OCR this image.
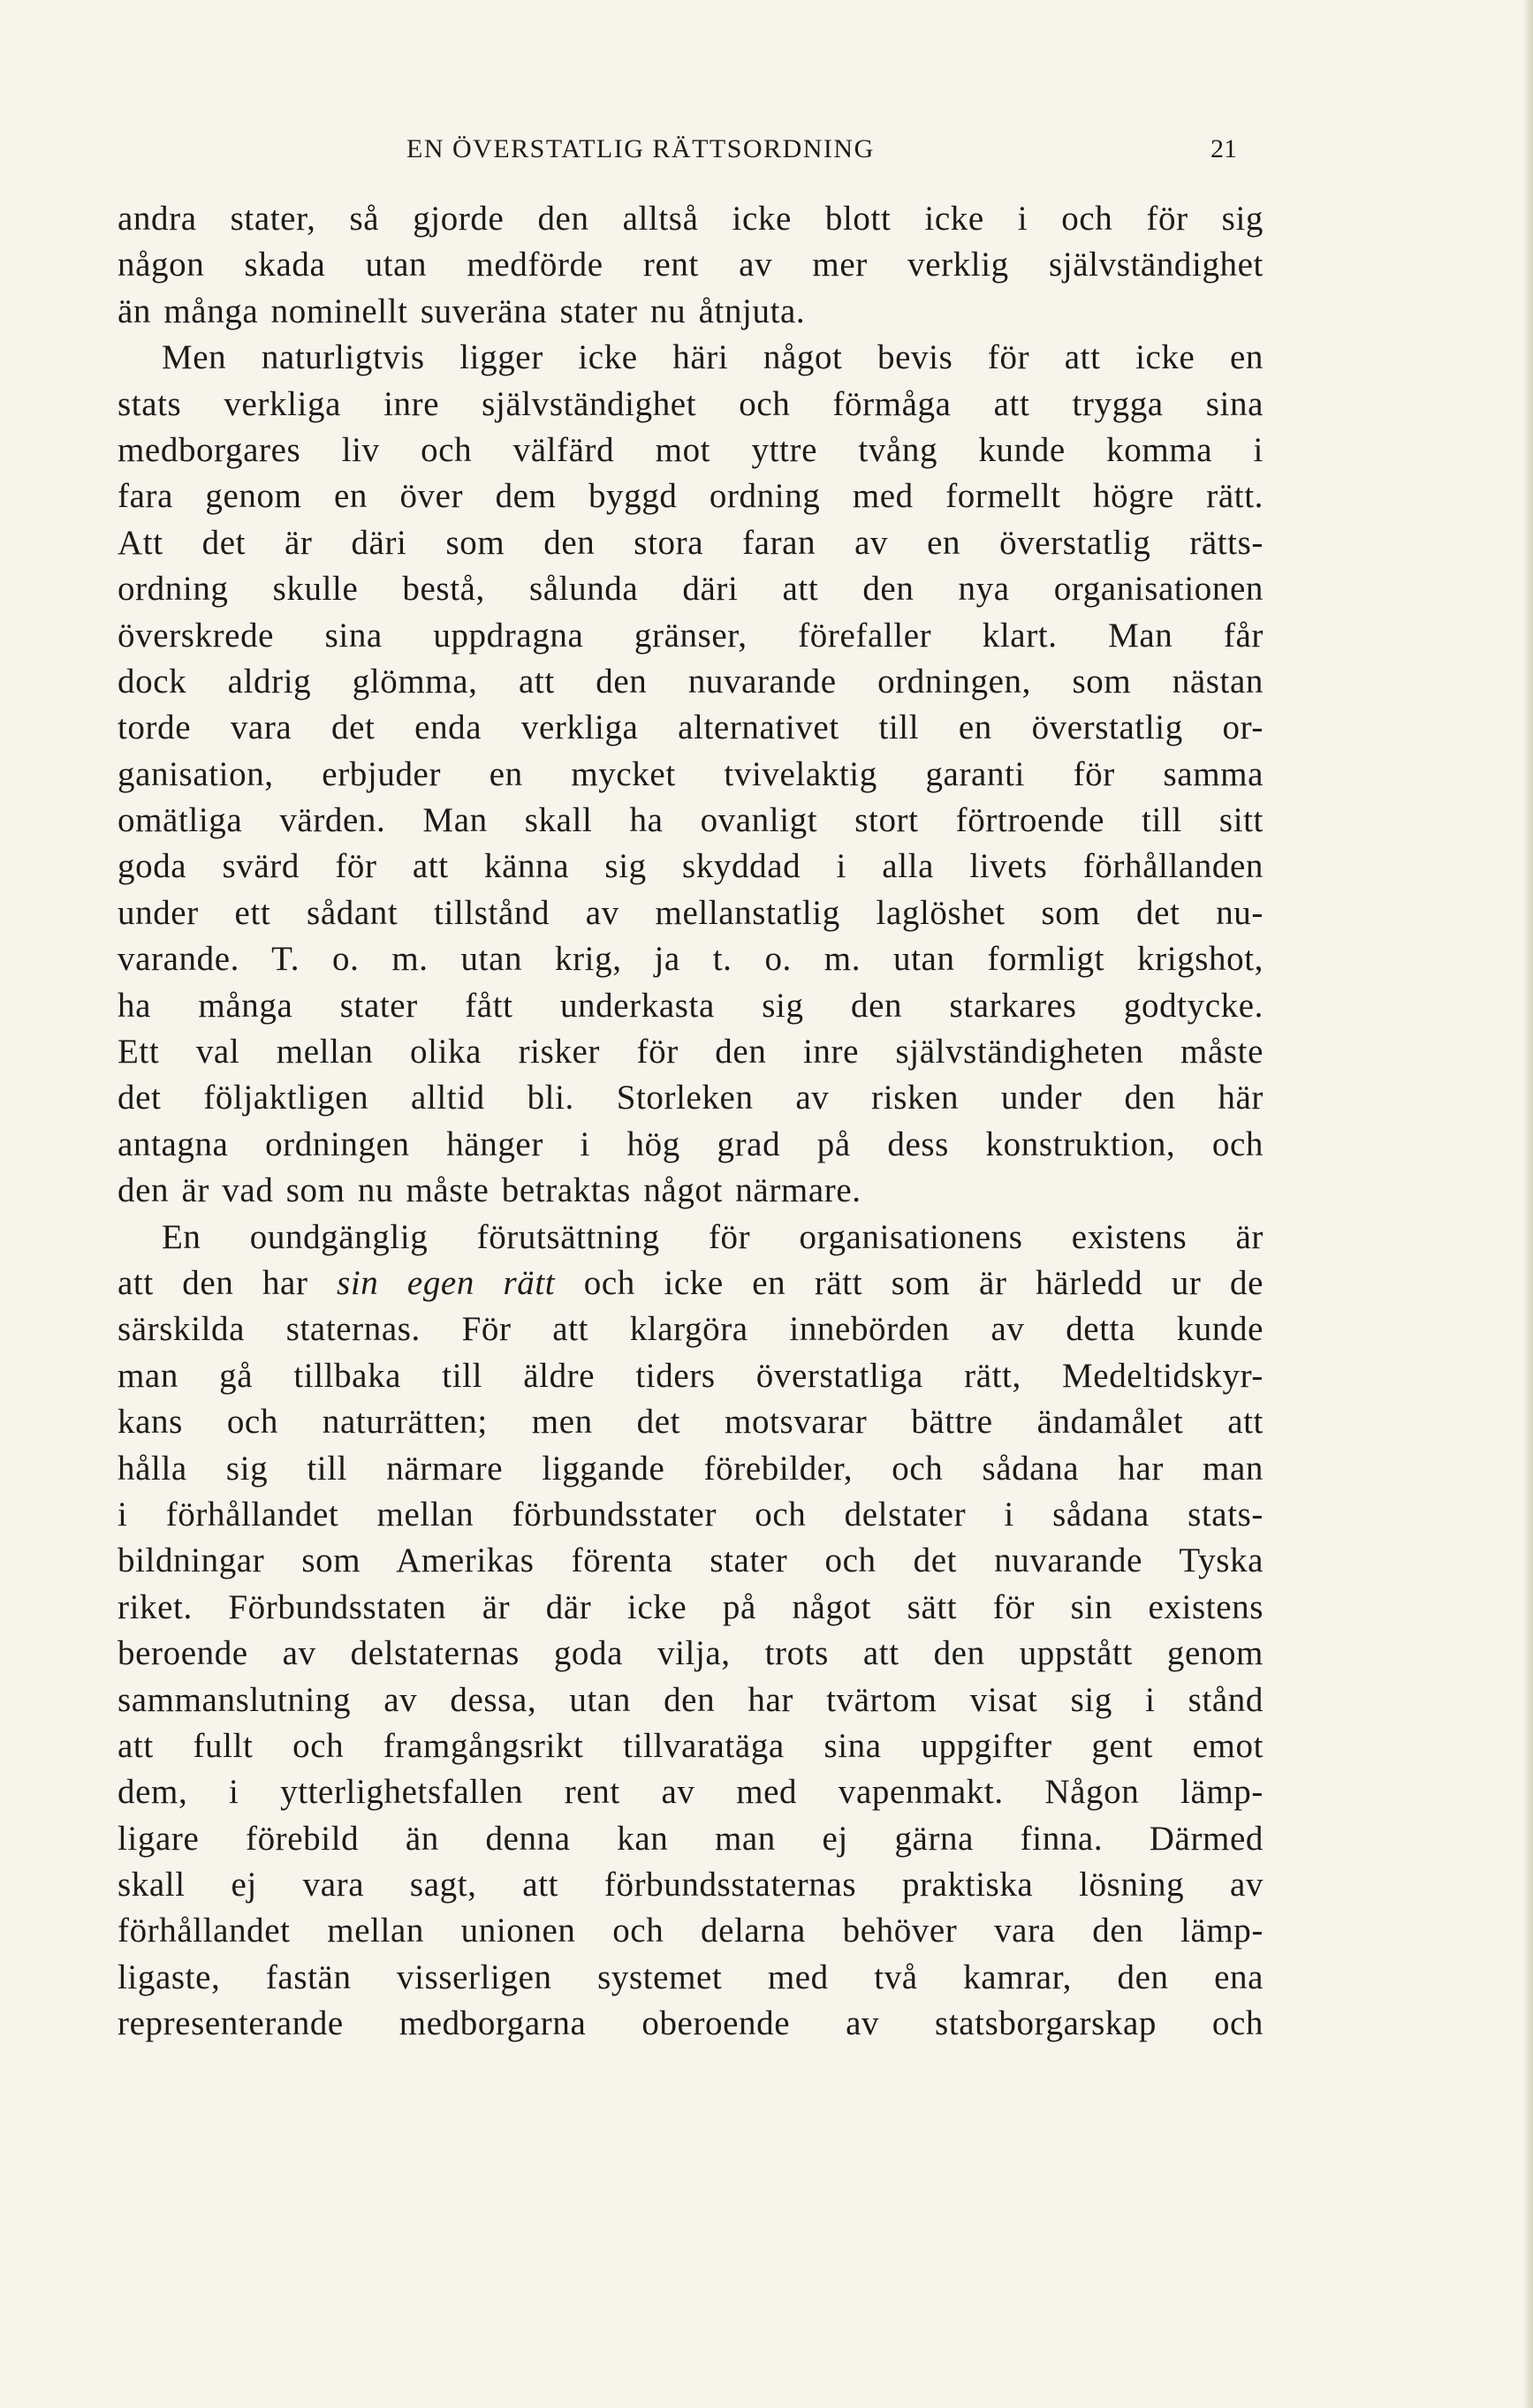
EN ÖVERSTATLIG RÄTTSORDNING	21
andra stater, så gjorde den alltså icke blott icke i och för sig
någon skada utan medförde rent av mer verklig självständighet
än många nominellt suveräna stater nu åtnjuta.
Men naturligtvis ligger icke häri något bevis för att icke en
stats verkliga inre självständighet och förmåga att trygga sina
medborgares liv och välfärd mot yttre tvång kunde komma i
fara genom en över dem byggd ordning med formellt högre rätt.
Att det är däri som den stora faran av en överstatlig rätts-
ordning skulle bestå, sålunda däri att den nya organisationen
överskrede sina uppdragna gränser, förefaller klart. Man får
dock aldrig glömma, att den nuvarande ordningen, som nästan
torde vara det enda verkliga alternativet till en överstatlig or-
ganisation, erbjuder en mycket tvivelaktig garanti för samma
omätliga värden. Man skall ha ovanligt stort förtroende till sitt
goda svärd för att känna sig skyddad i alla livets förhållanden
under ett sådant tillstånd av mellanstatlig laglöshet som det nu-
varande. T. o. m. utan krig, ja t. o. m. utan formligt krigshot,
ha många stater fått underkasta sig den starkares godtycke.
Ett val mellan olika risker för den inre självständigheten måste
det följaktligen alltid bli. Storleken av risken under den här
antagna ordningen hänger i hög grad på dess konstruktion, och
den är vad som nu måste betraktas något närmare.
En oundgänglig förutsättning för organisationens existens är
att den har sin egen rätt och icke en rätt som är härledd ur de
särskilda staternas. För att klargöra innebörden av detta kunde
man gå tillbaka till äldre tiders överstatliga rätt, Medeltidskyr-
kans och naturrätten; men det motsvarar bättre ändamålet att
hålla sig till närmare liggande förebilder, och sådana har man
i förhållandet mellan förbundsstater och delstater i sådana stats-
bildningar som Amerikas förenta stater och det nuvarande Tyska
riket. Förbundsstaten är där icke på något sätt för sin existens
beroende av delstaternas goda vilja, trots att den uppstått genom
sammanslutning av dessa, utan den har tvärtom visat sig i stånd
att fullt och framgångsrikt tillvaratäga sina uppgifter gent emot
dem, i ytterlighetsfallen rent av med vapenmakt. Någon lämp-
ligare förebild än denna kan man ej gärna finna. Därmed
skall ej vara sagt, att förbundsstaternas praktiska lösning av
förhållandet mellan unionen och delarna behöver vara den lämp-
ligaste, fastän visserligen systemet med två kamrar, den ena
representerande medborgarna oberoende av statsborgarskap och
